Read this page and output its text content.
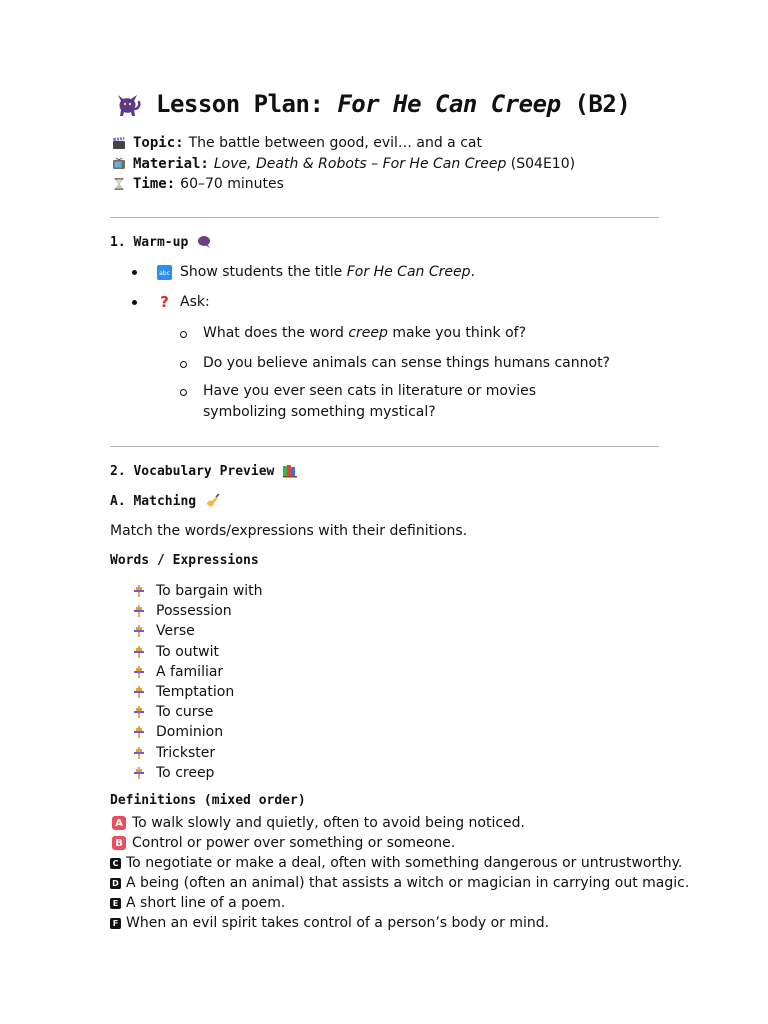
Lesson Plan: For He Can Creep (B2)
Topic: The battle between good, evil… and a cat
Material: Love, Death & Robots – For He Can Creep (S04E10)
Time: 60–70 minutes
1. Warm-up
abc Show students the title For He Can Creep .
? Ask:
What does the word creep make you think of?
Do you believe animals can sense things humans cannot?
Have you ever seen cats in literature or movies symbolizing something mystical?
2. Vocabulary Preview
A. Matching
Match the words/expressions with their definitions.
Words / Expressions
To bargain with
Possession
Verse
To outwit
A familiar
Temptation
To curse
Dominion
Trickster
To creep
Definitions (mixed order)
A To walk slowly and quietly, often to avoid being noticed.
B Control or power over something or someone.
C To negotiate or make a deal, often with something dangerous or untrustworthy.
D A being (often an animal) that assists a witch or magician in carrying out magic.
E A short line of a poem.
F When an evil spirit takes control of a person’s body or mind.
